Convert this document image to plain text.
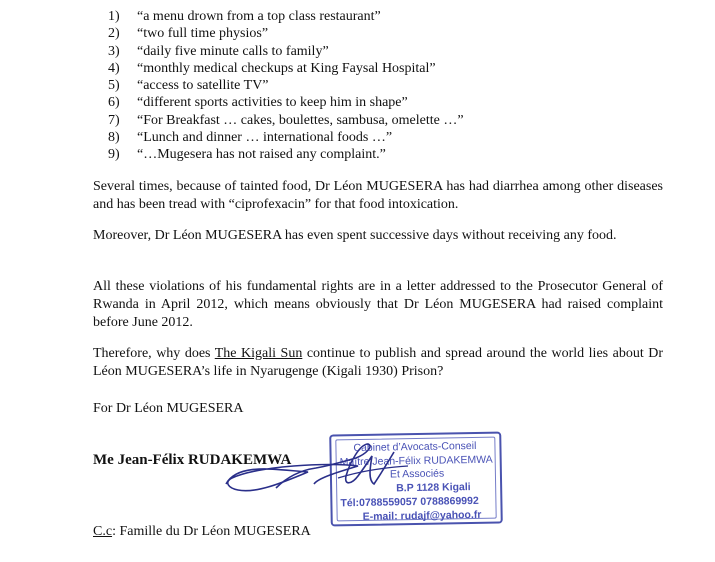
1) “a menu drown from a top class restaurant”
2) “two full time physios”
3) “daily five minute calls to family”
4) “monthly medical checkups at King Faysal Hospital”
5) “access to satellite TV”
6) “different sports activities to keep him in shape”
7) “For Breakfast … cakes, boulettes, sambusa, omelette …”
8) “Lunch and dinner … international foods …”
9) “…Mugesera has not raised any complaint.”

Several times, because of tainted food, Dr Léon MUGESERA has had diarrhea among other diseases and has been tread with “ciprofexacin” for that food intoxication.

Moreover, Dr Léon MUGESERA has even spent successive days without receiving any food.

All these violations of his fundamental rights are in a letter addressed to the Prosecutor General of Rwanda in April 2012, which means obviously that Dr Léon MUGESERA had raised complaint before June 2012.

Therefore, why does The Kigali Sun continue to publish and spread around the world lies about Dr Léon MUGESERA’s life in Nyarugenge (Kigali 1930) Prison?

For Dr Léon MUGESERA

Me Jean-Félix RUDAKEMWA
Cabinet d’Avocats-Conseil
Maître Jean-Félix RUDAKEMWA
Et Associés
B.P 1128 Kigali
Tél:0788559057 0788869992
E-mail: rudajf@yahoo.fr
C.c: Famille du Dr Léon MUGESERA
